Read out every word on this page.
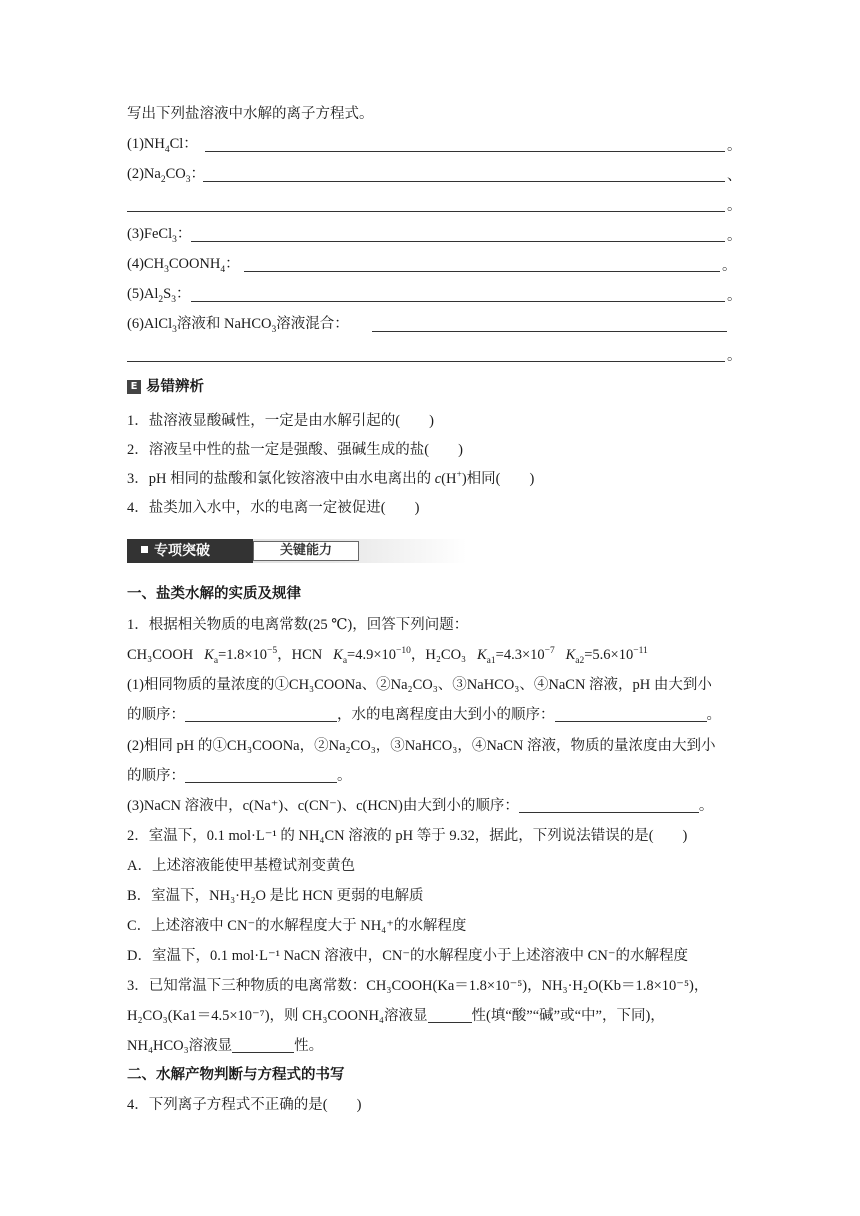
写出下列盐溶液中水解的离子方程式。
$(1)NH_4Cl$：	。
$(2)Na_2CO_3$：	、
。
(3)FeCl$_3$：	。
$(4)CH_3COONH_4$：	。
$(5)Al_2S_3$：	。
(6)AlCl$_3$溶液和 NaHCO$_3$溶液混合：
。
E 易错辨析
1．盐溶液显酸碱性，一定是由水解引起的(　　)
2．溶液呈中性的盐一定是强酸、强碱生成的盐(　　)
3．pH 相同的盐酸和氯化铵溶液中由水电离出的 c(H+)相同(　　)
4．盐类加入水中，水的电离一定被促进(　　)
专项突破	关键能力
一、盐类水解的实质及规律
1．根据相关物质的电离常数(25 ℃)，回答下列问题：
CH₃COOH $K_a=1.8\times 10^{-5}$，HCN $K_a=4.9\times 10^{-10}$，H₂CO₃ $K_{a1}=4.3\times 10^{-7}$ $K_{a2}=5.6\times 10^{-11}$
(1)相同物质的量浓度的①CH₃COONa、②Na₂CO₃、③NaHCO₃、④NaCN 溶液，pH 由大到小
的顺序：	，水的电离程度由大到小的顺序：	。
(2)相同 pH 的①CH₃COONa，②Na₂CO₃，③NaHCO₃，④NaCN 溶液，物质的量浓度由大到小
的顺序：	。
(3)NaCN 溶液中，c(Na⁺)、c(CN⁻)、c(HCN)由大到小的顺序：	。
2．室温下，0.1 mol·L⁻¹ 的 NH₄CN 溶液的 pH 等于 9.32，据此，下列说法错误的是(　　)
A．上述溶液能使甲基橙试剂变黄色
B．室温下，NH₃·H₂O 是比 HCN 更弱的电解质
C．上述溶液中 CN⁻的水解程度大于 NH₄⁺的水解程度
D．室温下，0.1 mol·L⁻¹ NaCN 溶液中，CN⁻的水解程度小于上述溶液中 CN⁻的水解程度
3．已知常温下三种物质的电离常数：CH₃COOH(Ka＝1.8×10⁻⁵)，NH₃·H₂O(Kb＝1.8×10⁻⁵)，
H₂CO₃(Ka1＝4.5×10⁻⁷)，则 CH₃COONH₄溶液显	性(填“酸”“碱”或“中”，下同)，
NH₄HCO₃溶液显	性。
二、水解产物判断与方程式的书写
4．下列离子方程式不正确的是(　　)
